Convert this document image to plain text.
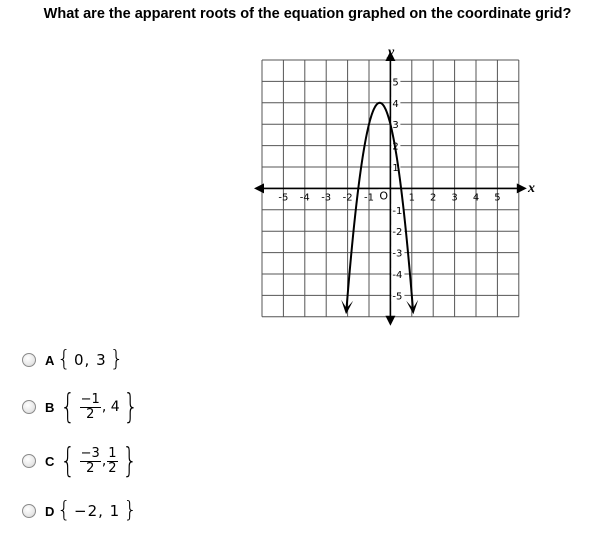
What are the apparent roots of the equation graphed on the coordinate grid?
-5 -4 -3 -2 -1	1 2 3 4 5
1
2
3
4
5
-1
-2
-3
-4
-5
O	x
y
A { 0, 3 }
B { $\frac{-1}{2}$ , 4 }
C { $\frac{-3}{2}$ , $\frac{1}{2}$ }
D { −2, 1 }
